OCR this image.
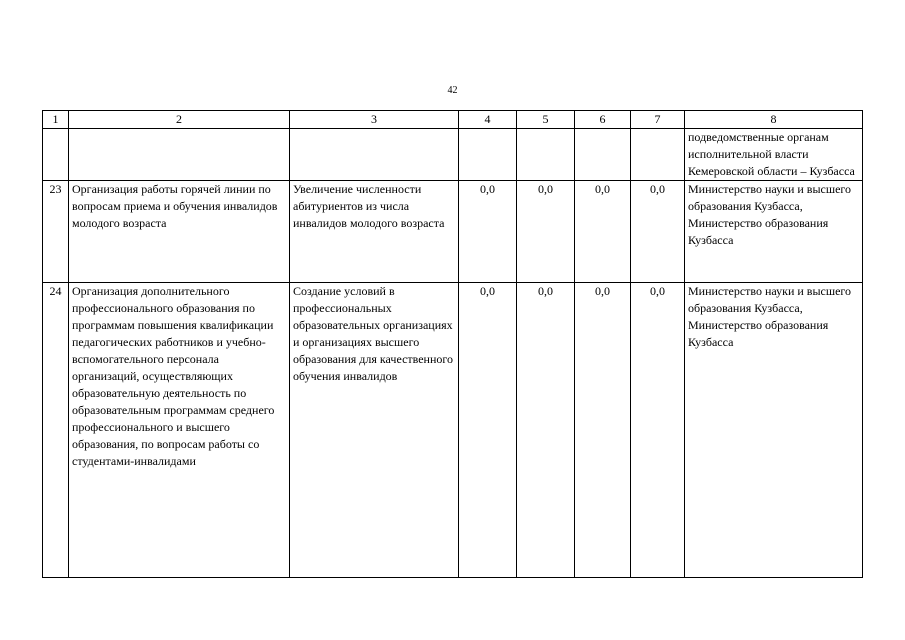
42
1	2	3	4	5	6	7	8
							подведомственные органам исполнительной власти Кемеровской области – Кузбасса
23	Организация работы горячей линии по вопросам приема и обучения инвалидов молодого возраста	Увеличение численности абитуриентов из числа инвалидов молодого возраста	0,0	0,0	0,0	0,0	Министерство науки и высшего образования Кузбасса, Министерство образования Кузбасса
24	Организация дополнительного профессионального образования по программам повышения квалификации педагогических работников и учебно-вспомогательного персонала организаций, осуществляющих образовательную деятельность по образовательным программам среднего профессионального и высшего образования, по вопросам работы со студентами-инвалидами	Создание условий в профессиональных образовательных организациях и организациях высшего образования для качественного обучения инвалидов	0,0	0,0	0,0	0,0	Министерство науки и высшего образования Кузбасса, Министерство образования Кузбасса
